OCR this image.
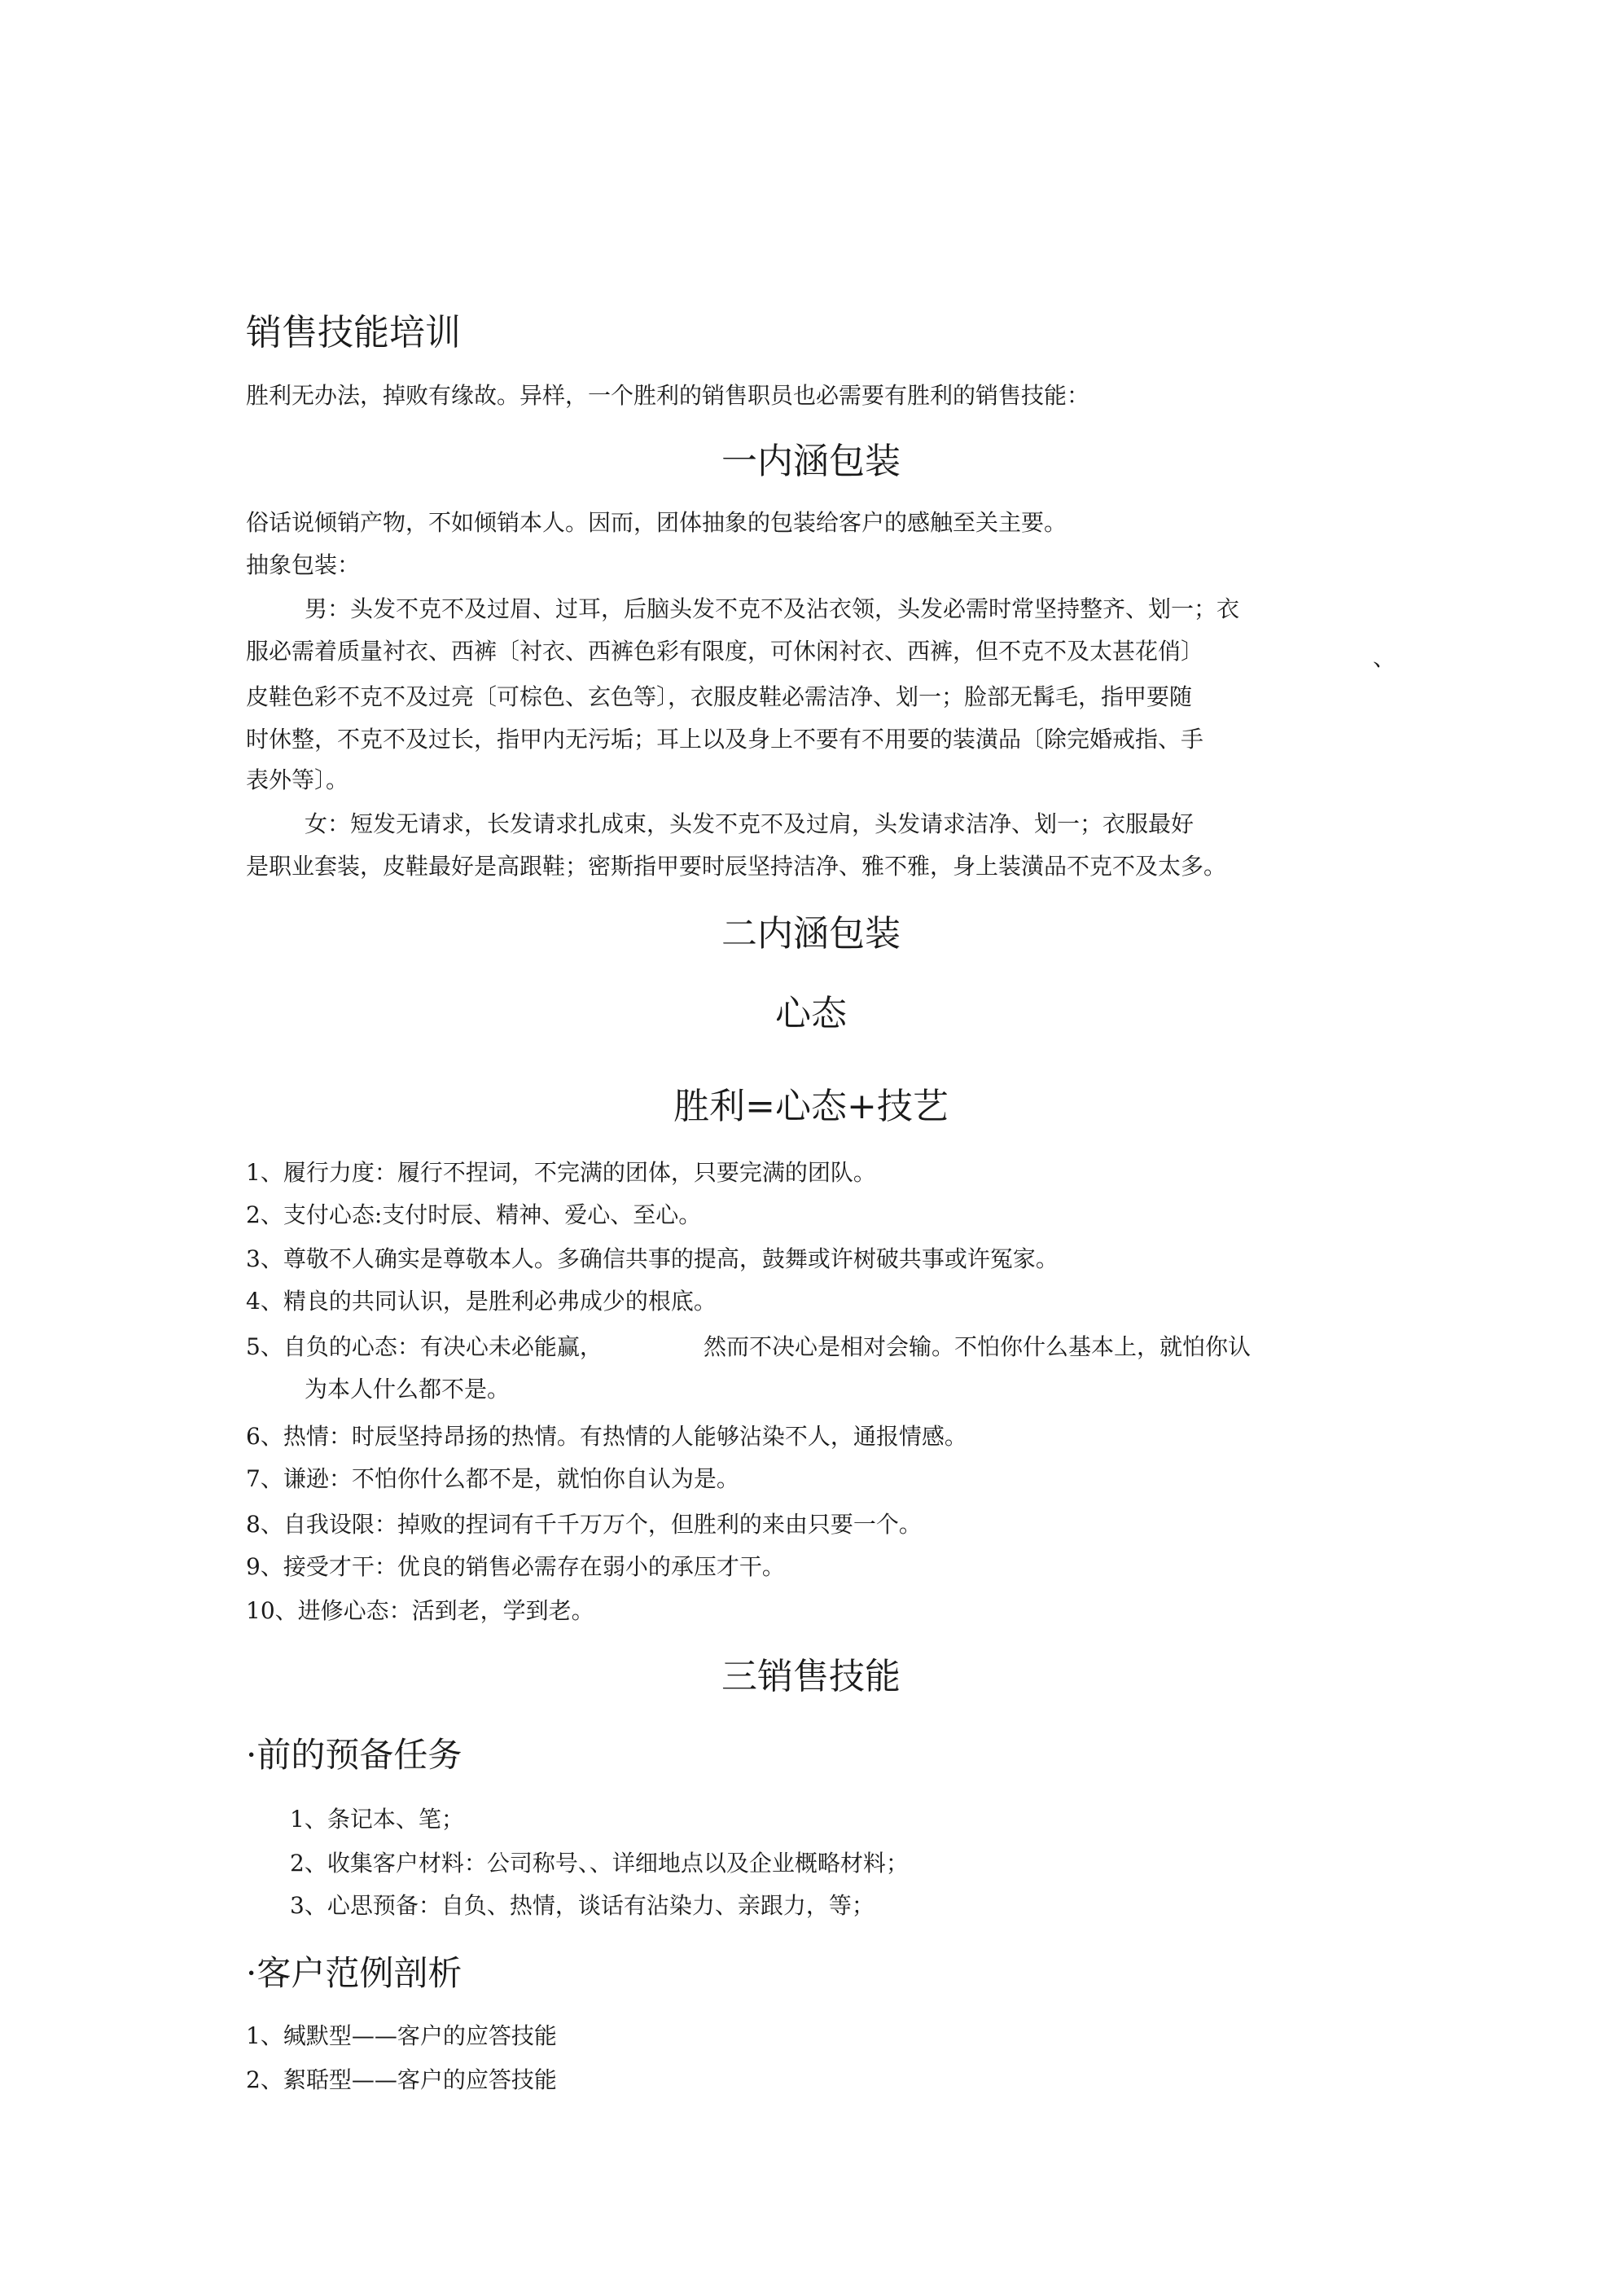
销售技能培训

胜利无办法，掉败有缘故。异样，一个胜利的销售职员也必需要有胜利的销售技能：

一内涵包装

俗话说倾销产物，不如倾销本人。因而，团体抽象的包装给客户的感触至关主要。

抽象包装：

男：头发不克不及过眉、过耳，后脑头发不克不及沾衣领，头发必需时常坚持整齐、划一；衣

服必需着质量衬衣、西裤〔衬衣、西裤色彩有限度，可休闲衬衣、西裤，但不克不及太甚花俏〕	、

皮鞋色彩不克不及过亮〔可棕色、玄色等〕，衣服皮鞋必需洁净、划一；脸部无髯毛，指甲要随

时休整，不克不及过长，指甲内无污垢；耳上以及身上不要有不用要的装潢品〔除完婚戒指、手

表外等〕。

女：短发无请求，长发请求扎成束，头发不克不及过肩，头发请求洁净、划一；衣服最好

是职业套装，皮鞋最好是高跟鞋；密斯指甲要时辰坚持洁净、雅不雅，身上装潢品不克不及太多。

二内涵包装
心态
胜利=心态+技艺

1、履行力度：履行不捏词，不完满的团体，只要完满的团队。

2、支付心态:支付时辰、精神、爱心、至心。

3、尊敬不人确实是尊敬本人。多确信共事的提高，鼓舞或许树破共事或许冤家。

4、精良的共同认识，是胜利必弗成少的根底。

5、自负的心态：有决心未必能赢，	然而不决心是相对会输。不怕你什么基本上，就怕你认

为本人什么都不是。

6、热情：时辰坚持昂扬的热情。有热情的人能够沾染不人，通报情感。

7、谦逊：不怕你什么都不是，就怕你自认为是。

8、自我设限：掉败的捏词有千千万万个，但胜利的来由只要一个。

9、接受才干：优良的销售必需存在弱小的承压才干。

10、进修心态：活到老，学到老。

三销售技能
·前的预备任务

1、条记本、笔；

2、收集客户材料：公司称号、、详细地点以及企业概略材料；

3、心思预备：自负、热情，谈话有沾染力、亲跟力，等；

·客户范例剖析

1、缄默型——客户的应答技能

2、絮聒型——客户的应答技能
